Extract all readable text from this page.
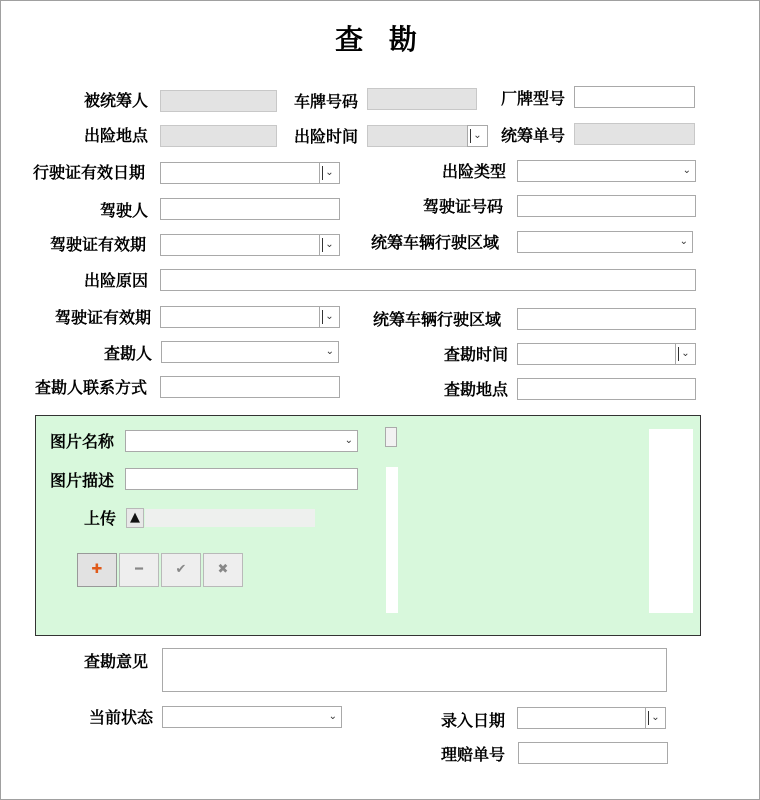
查 勘
被统筹人	车牌号码	厂牌型号
出险地点	出险时间	⌄	统筹单号
行驶证有效日期	⌄	出险类型	⌄
驾驶人	驾驶证号码
驾驶证有效期	⌄	统筹车辆行驶区域	⌄
出险原因
驾驶证有效期	⌄	统筹车辆行驶区域
查勘人	⌄	查勘时间	⌄
查勘人联系方式	查勘地点
图片名称	⌄
图片描述
上传	▲
✚	━	✔	✖
查勘意见
当前状态	⌄	录入日期	⌄
理赔单号
